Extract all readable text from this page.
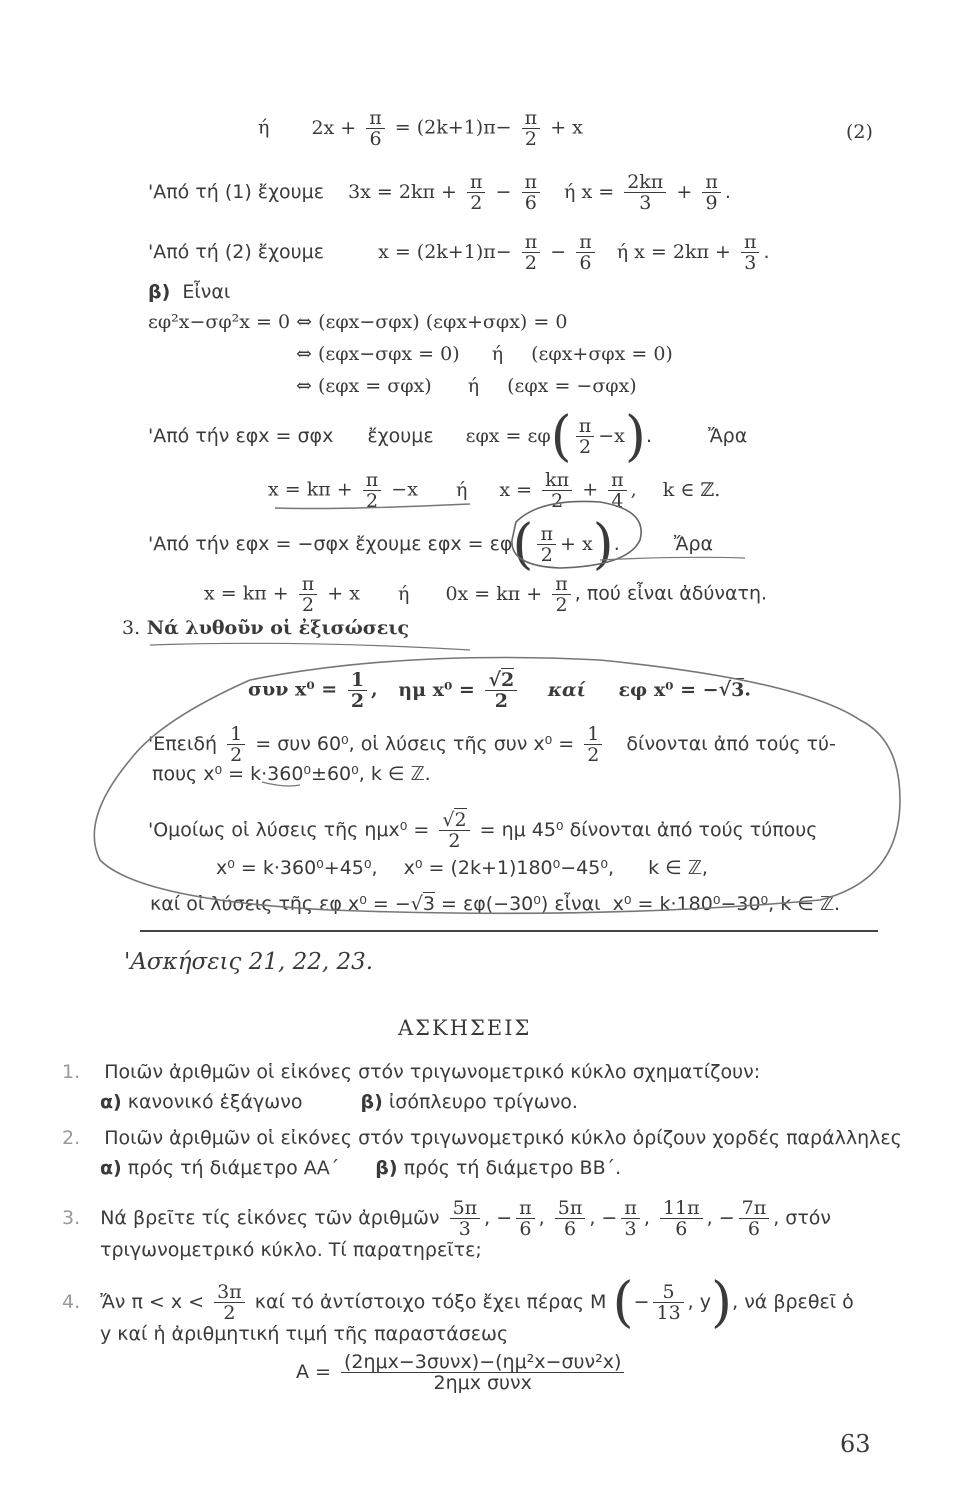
ή $2x + \frac{\pi}{6} = (2k+1)\pi- \frac{\pi}{2} + x$	(2)
'Από τή (1) ἔχουμε $3x = 2k\pi + \frac{\pi}{2} - \frac{\pi}{6}$ ή $x = \frac{2k\pi}{3} + \frac{\pi}{9}$ .
'Από τή (2) ἔχουμε	$x = (2k+1)\pi- \frac{\pi}{2} - \frac{\pi}{6}$ ή $x = 2k\pi + \frac{\pi}{3}$ .
β) Εἶναι
εφ²x−σφ²x = 0 ⇔ (εφx−σφx) (εφx+σφx) = 0
⇔ (εφx−σφx = 0) ή (εφx+σφx = 0)
⇔ (εφx = σφx) ή (εφx = −σφx)
'Από τήν εφx = σφx ἔχουμε $\varepsilon\varphi x = \varepsilon\varphi( \frac{\pi}{2} -x)$.	Ἄρα
$x = k\pi + \frac{\pi}{2} -x$ ή $x = \frac{k\pi}{2} + \frac{\pi}{4}$ , k ∈ ℤ.
'Από τήν εφx = −σφx ἔχουμε $\varepsilon\varphi x = \varepsilon\varphi( \frac{\pi}{2} + x)$.	Ἄρα
$x = k\pi + \frac{\pi}{2} + x$ ή $0x = k\pi + \frac{\pi}{2}$ , πού εἶναι ἀδύνατη.
3. Νά λυθοῦν οἱ ἐξισώσεις
συν $x^0 = \frac{1}{2}$ , ημ $x^0 = \frac{√2}{2}$ καί εφ x⁰ = −√3.
'$E\pi\varepsilon\iota\delta ή \frac{1}{2} = \sigma\upsilon\nu$ 60⁰, οἱ λύσεις τῆς συν $x^0 = \frac{1}{2}$ δίνονται ἀπό τούς τύ-
πους x⁰ = k·360⁰±60⁰, k ∈ ℤ.
'Ομοίως οἱ λύσεις τῆς $\eta\mu x^0 = \frac{√2}{2} = \eta\mu$ 45⁰ δίνονται ἀπό τούς τύπους
x⁰ = k·360⁰+45⁰, x⁰ = (2k+1)180⁰−45⁰, k ∈ ℤ,
καί οἱ λύσεις τῆς εφ x⁰ = −√3 = εφ(−30⁰) εἶναι x⁰ = k·180⁰−30⁰, k ∈ ℤ.
'Ασκήσεις 21, 22, 23.
ΑΣΚΗΣΕΙΣ
1. Ποιῶν ἀριθμῶν οἱ εἰκόνες στόν τριγωνομετρικό κύκλο σχηματίζουν:
α) κανονικό ἑξάγωνο	β) ἰσόπλευρο τρίγωνο.
2. Ποιῶν ἀριθμῶν οἱ εἰκόνες στόν τριγωνομετρικό κύκλο ὁρίζουν χορδές παράλληλες
α) πρός τή διάμετρο ΑΑ΄ β) πρός τή διάμετρο ΒΒ΄.
3. Νά βρεῖτε τίς εἰκόνες τῶν ἀριθμῶν $\frac{5\pi}{3}$ , − $\frac{\pi}{6}$ , $\frac{5\pi}{6}$ , − $\frac{\pi}{3}$ , $\frac{11\pi}{6}$ , − $\frac{7\pi}{6}$ , στόν
τριγωνομετρικό κύκλο. Τί παρατηρεῖτε;
4. Ἄν $\pi < x < \frac{3\pi}{2}$ καί τό ἀντίστοιχο τόξο ἔχει πέρας Μ (− $\frac{5}{13}$ , y), νά βρεθεῖ ὁ
y καί ἡ ἀριθμητική τιμή τῆς παραστάσεως
$A = \frac{\text{(2ημx−3συνx)−(ημ²x−συν²x)}}{\text{2ημx συνx}}$
63
